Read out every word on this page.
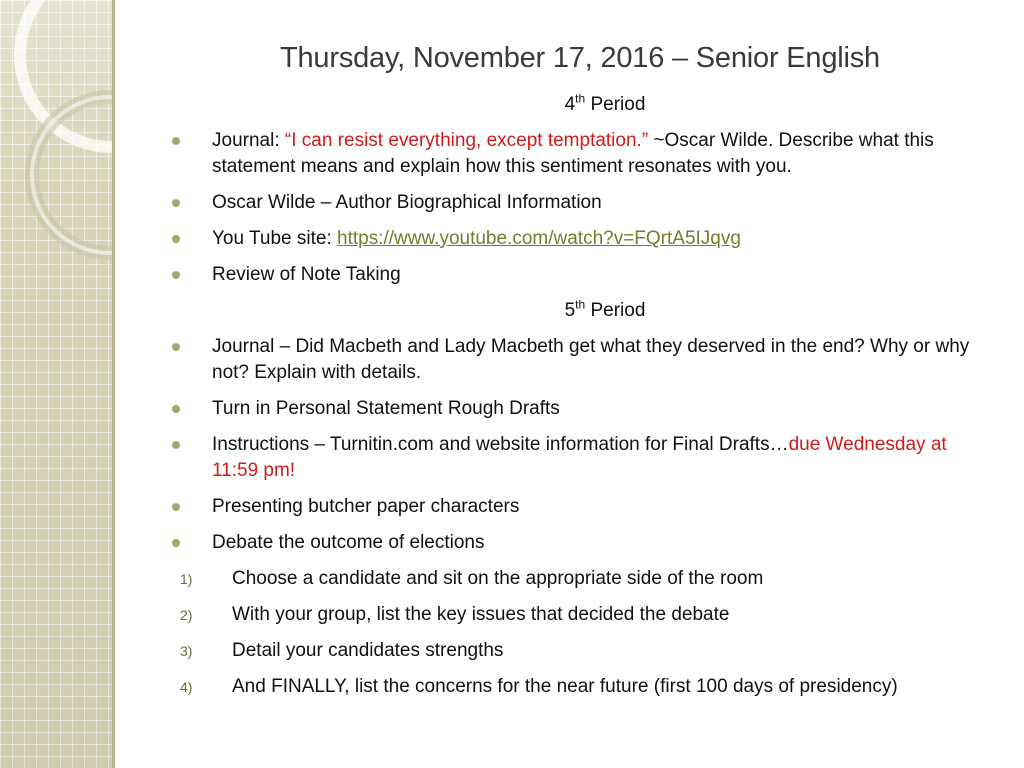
Thursday, November 17, 2016 – Senior English
4th Period
Journal: “I can resist everything, except temptation.” ~Oscar Wilde. Describe what this statement means and explain how this sentiment resonates with you.
Oscar Wilde – Author Biographical Information
You Tube site: https://www.youtube.com/watch?v=FQrtA5IJqvg
Review of Note Taking
5th Period
Journal – Did Macbeth and Lady Macbeth get what they deserved in the end? Why or why not? Explain with details.
Turn in Personal Statement Rough Drafts
Instructions – Turnitin.com and website information for Final Drafts…due Wednesday at 11:59 pm!
Presenting butcher paper characters
Debate the outcome of elections
1) Choose a candidate and sit on the appropriate side of the room
2) With your group, list the key issues that decided the debate
3) Detail your candidates strengths
4) And FINALLY, list the concerns for the near future (first 100 days of presidency)
